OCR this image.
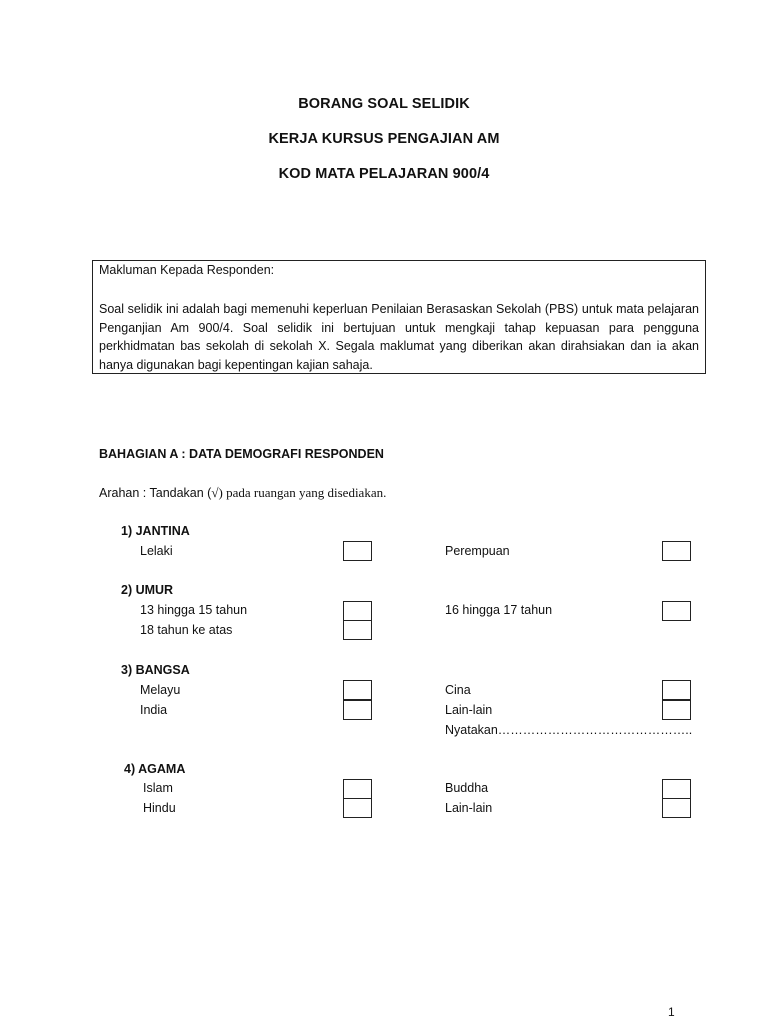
BORANG SOAL SELIDIK
KERJA KURSUS PENGAJIAN AM
KOD MATA PELAJARAN 900/4
Makluman Kepada Responden:
Soal selidik ini adalah bagi memenuhi keperluan Penilaian Berasaskan Sekolah (PBS) untuk mata pelajaran Penganjian Am 900/4. Soal selidik ini bertujuan untuk mengkaji tahap kepuasan para pengguna perkhidmatan bas sekolah di sekolah X. Segala maklumat yang diberikan akan dirahsiakan dan ia akan hanya digunakan bagi kepentingan kajian sahaja.
BAHAGIAN A : DATA DEMOGRAFI RESPONDEN
Arahan : Tandakan (√) pada ruangan yang disediakan.
1) JANTINA
Lelaki	Perempuan
2) UMUR
13 hingga 15 tahun	16 hingga 17 tahun
18 tahun ke atas
3) BANGSA
Melayu	Cina
India	Lain-lain
Nyatakan………………………………………..
4) AGAMA
Islam	Buddha
Hindu	Lain-lain
1
